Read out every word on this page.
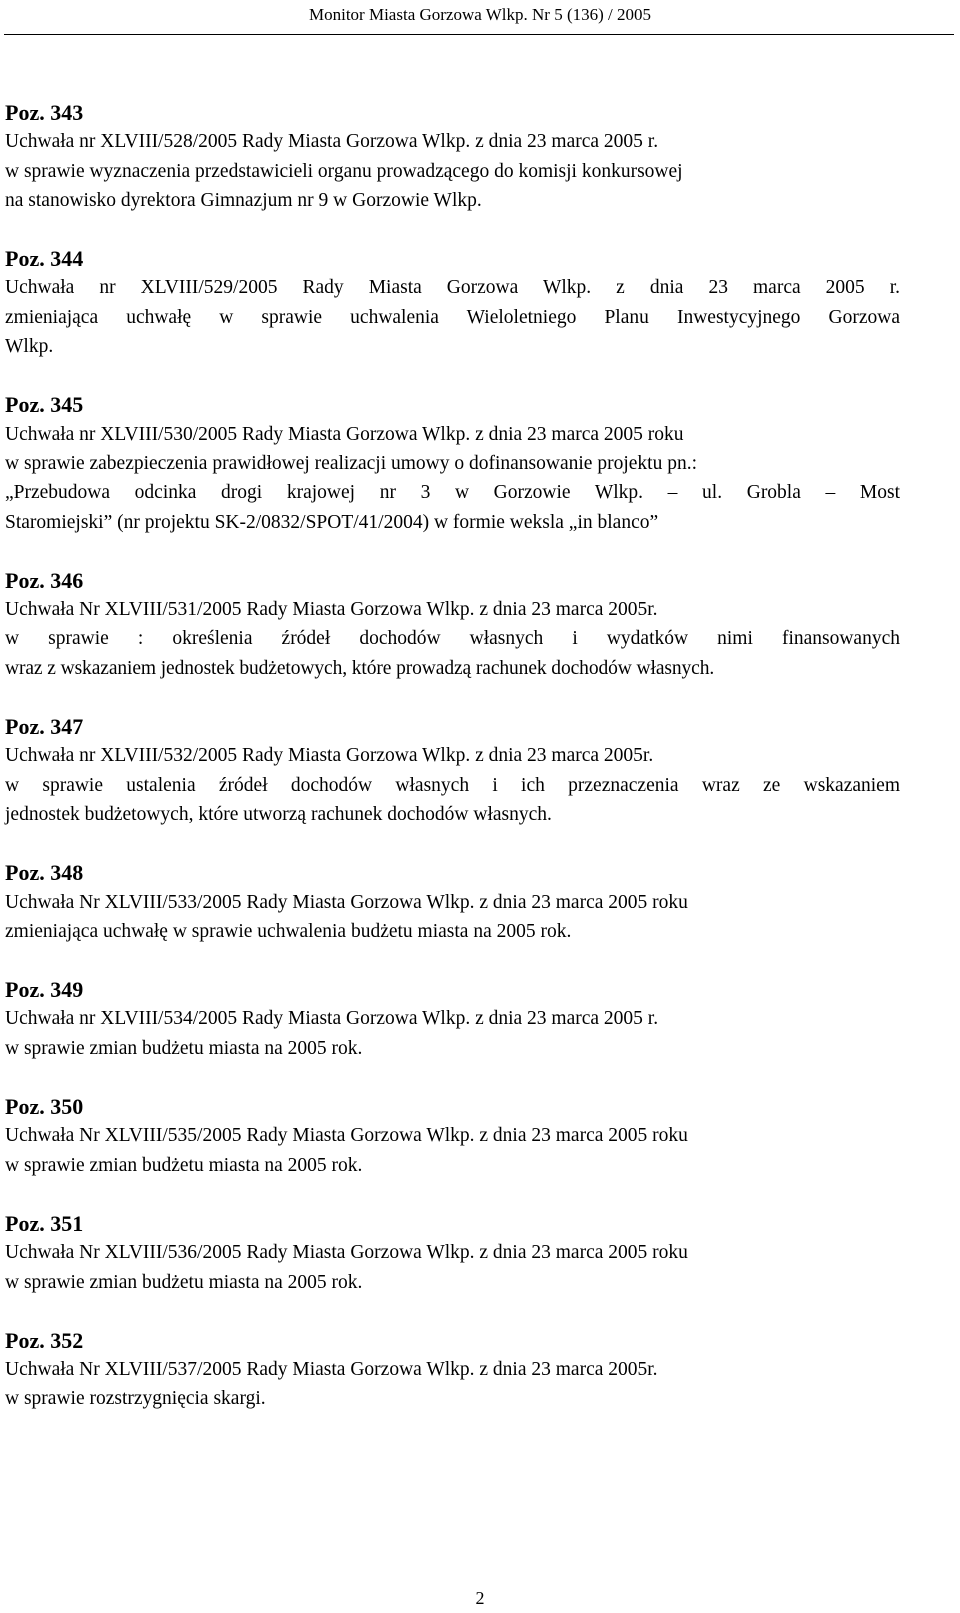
Monitor Miasta Gorzowa Wlkp. Nr 5 (136) / 2005

Poz. 343

Uchwała nr XLVIII/528/2005 Rady Miasta Gorzowa Wlkp. z dnia 23 marca 2005 r.

w sprawie wyznaczenia przedstawicieli organu prowadzącego do komisji konkursowej

na stanowisko dyrektora Gimnazjum nr 9 w Gorzowie Wlkp.

Poz. 344

Uchwała nr XLVIII/529/2005 Rady Miasta Gorzowa Wlkp. z dnia 23 marca 2005 r.

zmieniająca uchwałę w sprawie uchwalenia Wieloletniego Planu Inwestycyjnego Gorzowa

Wlkp.

Poz. 345

Uchwała nr XLVIII/530/2005 Rady Miasta Gorzowa Wlkp. z dnia 23 marca 2005 roku

w sprawie zabezpieczenia prawidłowej realizacji umowy o dofinansowanie projektu pn.:

„Przebudowa odcinka drogi krajowej nr 3 w Gorzowie Wlkp. – ul. Grobla – Most

Staromiejski” (nr projektu SK-2/0832/SPOT/41/2004) w formie weksla „in blanco”

Poz. 346

Uchwała Nr XLVIII/531/2005 Rady Miasta Gorzowa Wlkp. z dnia 23 marca 2005r.

w sprawie : określenia źródeł dochodów własnych i wydatków nimi finansowanych

wraz z wskazaniem jednostek budżetowych, które prowadzą rachunek dochodów własnych.

Poz. 347

Uchwała nr XLVIII/532/2005 Rady Miasta Gorzowa Wlkp. z dnia 23 marca 2005r.

w sprawie ustalenia źródeł dochodów własnych i ich przeznaczenia wraz ze wskazaniem

jednostek budżetowych, które utworzą rachunek dochodów własnych.

Poz. 348

Uchwała Nr XLVIII/533/2005 Rady Miasta Gorzowa Wlkp. z dnia 23 marca 2005 roku

zmieniająca uchwałę w sprawie uchwalenia budżetu miasta na 2005 rok.

Poz. 349

Uchwała nr XLVIII/534/2005 Rady Miasta Gorzowa Wlkp. z dnia 23 marca 2005 r.

w sprawie zmian budżetu miasta na 2005 rok.

Poz. 350

Uchwała Nr XLVIII/535/2005 Rady Miasta Gorzowa Wlkp. z dnia 23 marca 2005 roku

w sprawie zmian budżetu miasta na 2005 rok.

Poz. 351

Uchwała Nr XLVIII/536/2005 Rady Miasta Gorzowa Wlkp. z dnia 23 marca 2005 roku

w sprawie zmian budżetu miasta na 2005 rok.

Poz. 352

Uchwała Nr XLVIII/537/2005 Rady Miasta Gorzowa Wlkp. z dnia 23 marca 2005r.

w sprawie rozstrzygnięcia skargi.

2
